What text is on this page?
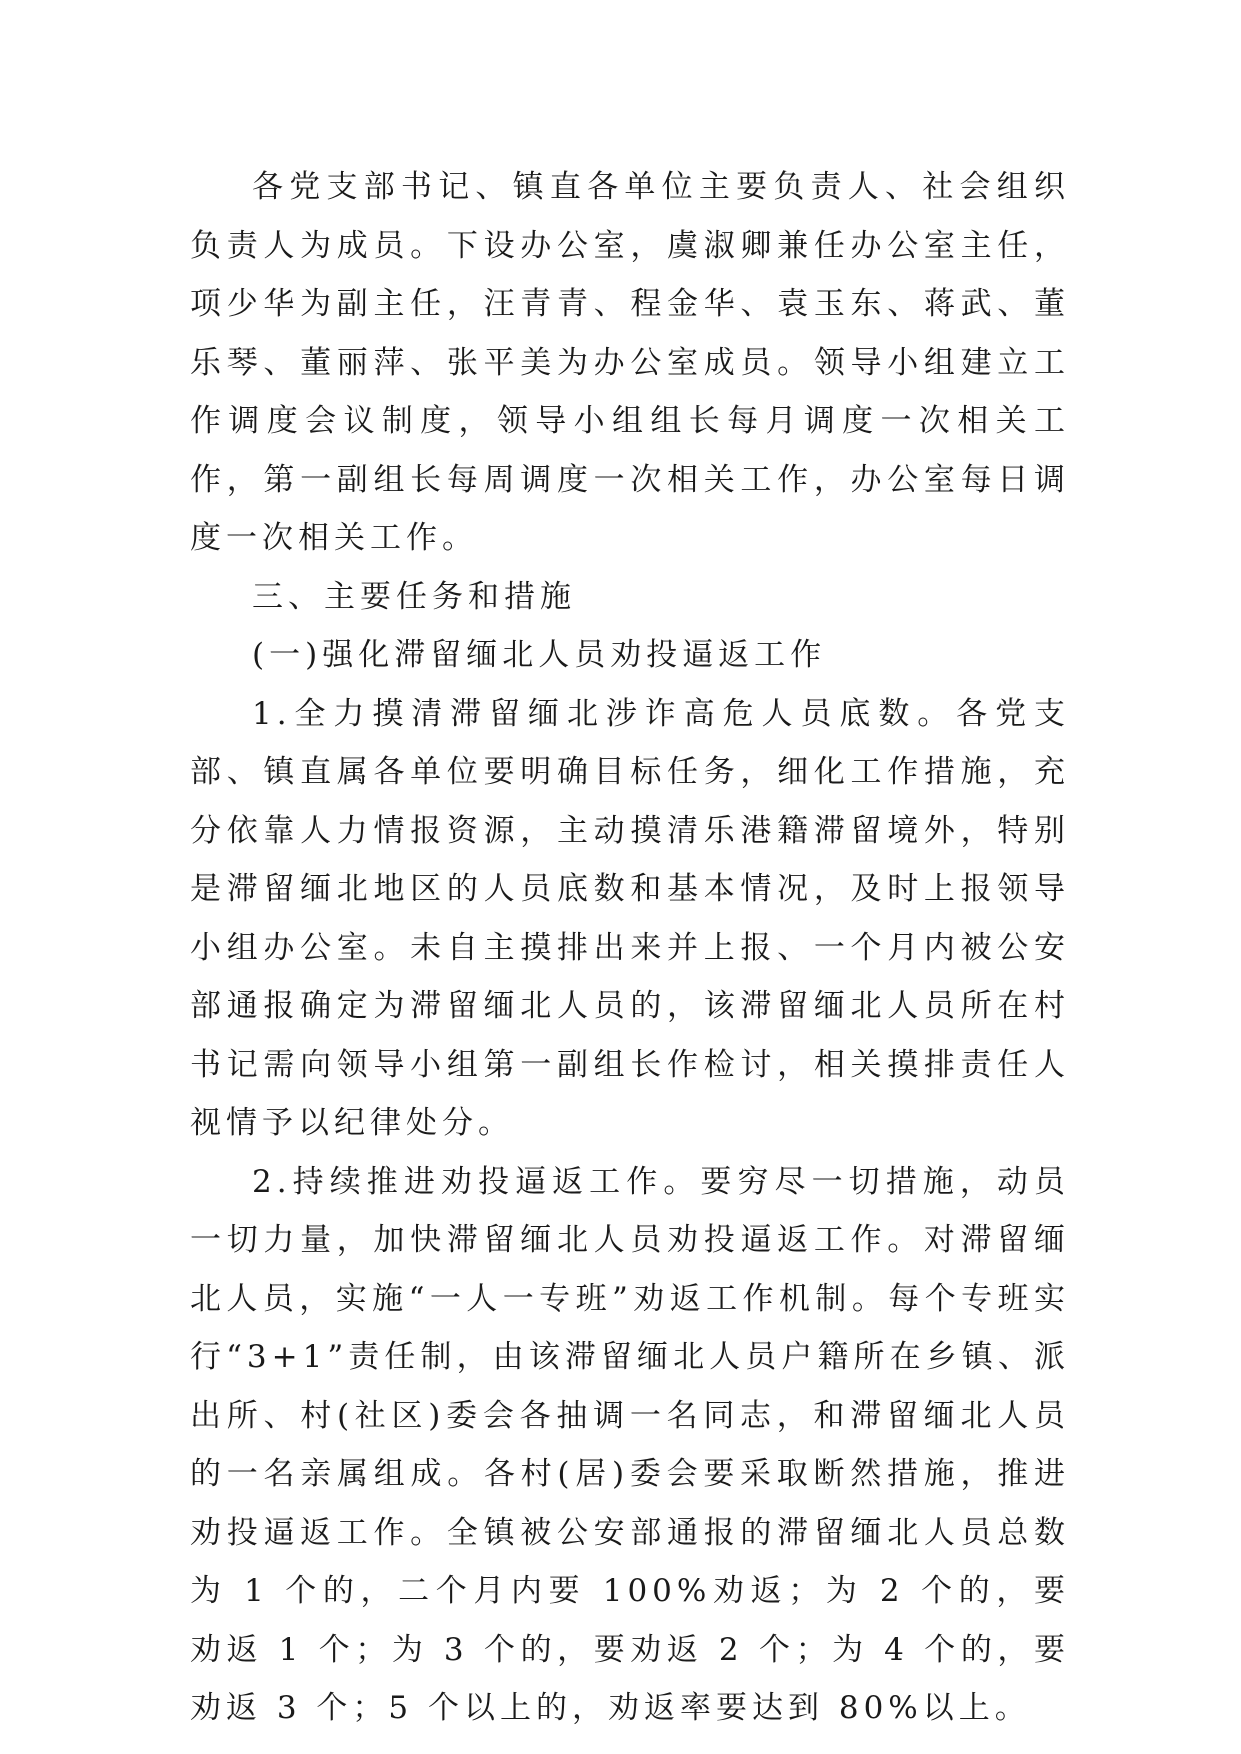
各党支部书记、镇直各单位主要负责人、社会组织负责人为成员。下设办公室，虞淑卿兼任办公室主任，项少华为副主任，汪青青、程金华、袁玉东、蒋武、董乐琴、董丽萍、张平美为办公室成员。领导小组建立工作调度会议制度，领导小组组长每月调度一次相关工作，第一副组长每周调度一次相关工作，办公室每日调度一次相关工作。

三、主要任务和措施

(一)强化滞留缅北人员劝投逼返工作

1.全力摸清滞留缅北涉诈高危人员底数。各党支部、镇直属各单位要明确目标任务，细化工作措施，充分依靠人力情报资源，主动摸清乐港籍滞留境外，特别是滞留缅北地区的人员底数和基本情况，及时上报领导小组办公室。未自主摸排出来并上报、一个月内被公安部通报确定为滞留缅北人员的，该滞留缅北人员所在村书记需向领导小组第一副组长作检讨，相关摸排责任人视情予以纪律处分。

2.持续推进劝投逼返工作。要穷尽一切措施，动员一切力量，加快滞留缅北人员劝投逼返工作。对滞留缅北人员，实施“一人一专班”劝返工作机制。每个专班实行“3+1”责任制，由该滞留缅北人员户籍所在乡镇、派出所、村(社区)委会各抽调一名同志，和滞留缅北人员的一名亲属组成。各村(居)委会要采取断然措施，推进劝投逼返工作。全镇被公安部通报的滞留缅北人员总数为 1 个的，二个月内要 100%劝返；为 2 个的，要劝返 1 个；为 3 个的，要劝返 2 个；为 4 个的，要劝返 3 个；5 个以上的，劝返率要达到 80%以上。
